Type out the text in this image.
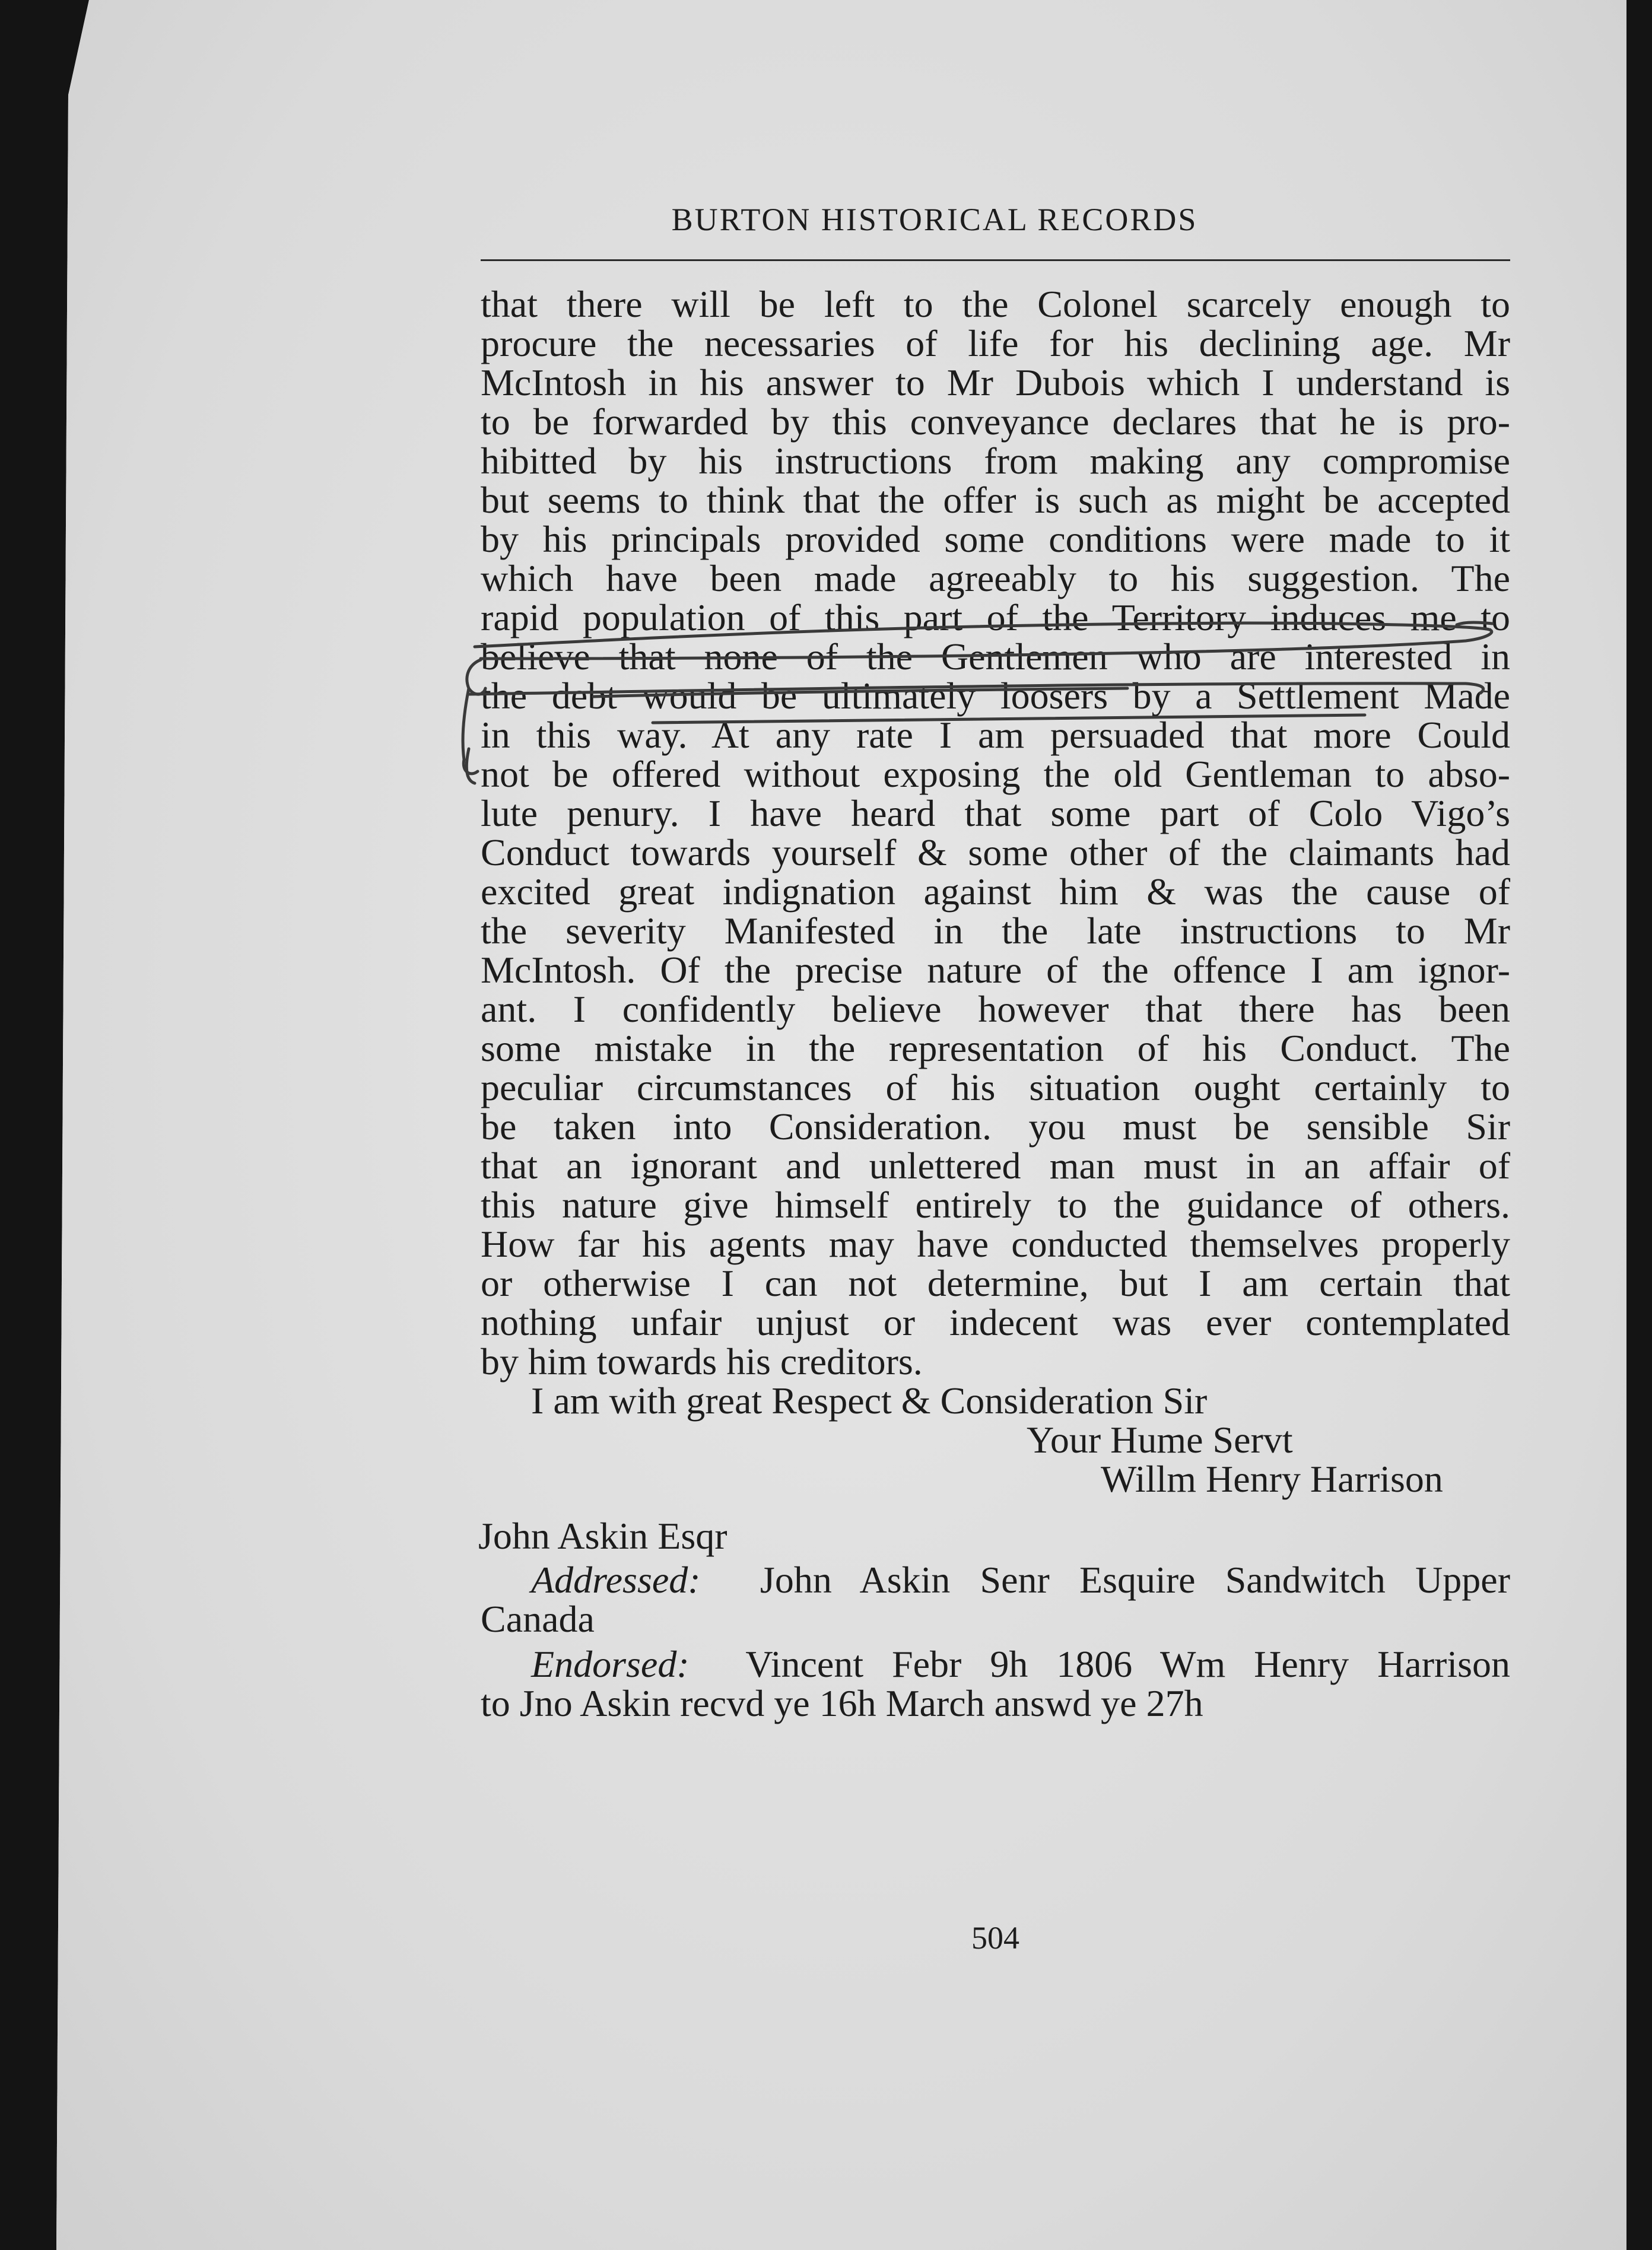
BURTON HISTORICAL RECORDS
that there will be left to the Colonel scarcely enough to
procure the necessaries of life for his declining age. Mr
McIntosh in his answer to Mr Dubois which I understand is
to be forwarded by this conveyance declares that he is pro-
hibitted by his instructions from making any compromise
but seems to think that the offer is such as might be accepted
by his principals provided some conditions were made to it
which have been made agreeably to his suggestion. The
rapid population of this part of the Territory induces me to
believe that none of the Gentlemen who are interested in
the debt would be ultimately loosers by a Settlement Made
in this way. At any rate I am persuaded that more Could
not be offered without exposing the old Gentleman to abso-
lute penury. I have heard that some part of Colo Vigo’s
Conduct towards yourself & some other of the claimants had
excited great indignation against him & was the cause of
the severity Manifested in the late instructions to Mr
McIntosh. Of the precise nature of the offence I am ignor-
ant. I confidently believe however that there has been
some mistake in the representation of his Conduct. The
peculiar circumstances of his situation ought certainly to
be taken into Consideration. you must be sensible Sir
that an ignorant and unlettered man must in an affair of
this nature give himself entirely to the guidance of others.
How far his agents may have conducted themselves properly
or otherwise I can not determine, but I am certain that
nothing unfair unjust or indecent was ever contemplated
by him towards his creditors.
I am with great Respect & Consideration Sir
Your Hume Servt
Willm Henry Harrison
John Askin Esqr
Addressed: John Askin Senr Esquire Sandwitch Upper
Canada
Endorsed: Vincent Febr 9h 1806 Wm Henry Harrison
to Jno Askin recvd ye 16h March answd ye 27h
504
